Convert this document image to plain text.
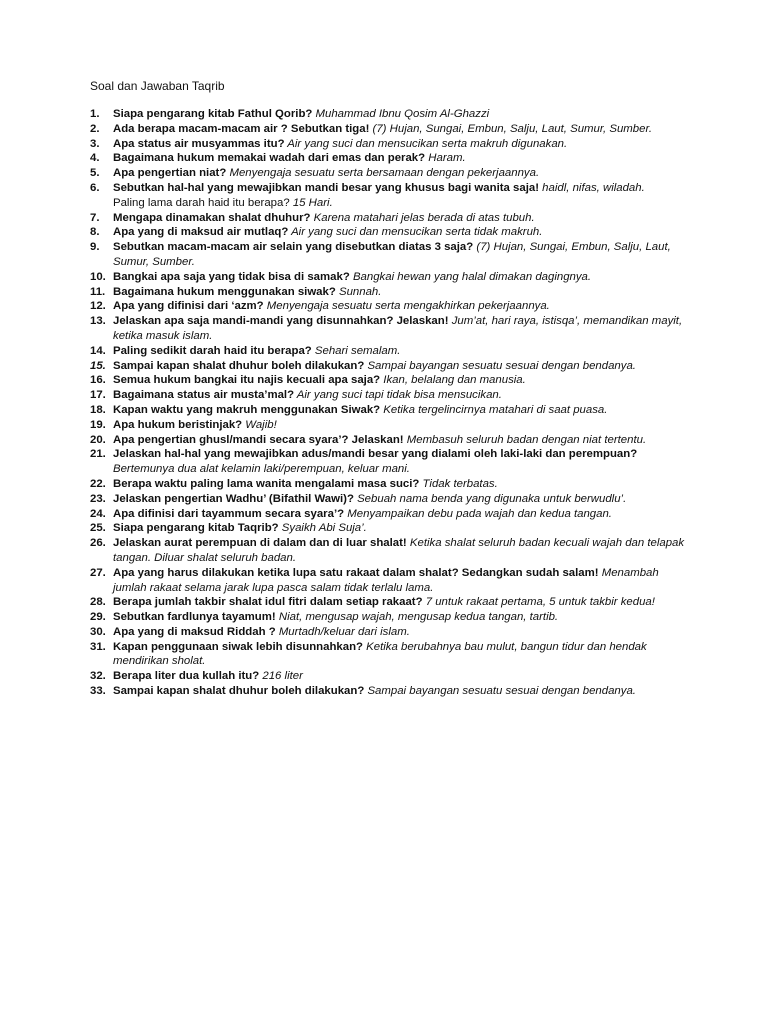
Soal dan Jawaban Taqrib
1. Siapa pengarang kitab Fathul Qorib? Muhammad Ibnu Qosim Al-Ghazzi
2. Ada berapa macam-macam air ? Sebutkan tiga! (7) Hujan, Sungai, Embun, Salju, Laut, Sumur, Sumber.
3. Apa status air musyammas itu? Air yang suci dan mensucikan serta makruh digunakan.
4. Bagaimana hukum memakai wadah dari emas dan perak? Haram.
5. Apa pengertian niat? Menyengaja sesuatu serta bersamaan dengan pekerjaannya.
6. Sebutkan hal-hal yang mewajibkan mandi besar yang khusus bagi wanita saja! haidl, nifas, wiladah.
Paling lama darah haid itu berapa? 15 Hari.
7. Mengapa dinamakan shalat dhuhur? Karena matahari jelas berada di atas tubuh.
8. Apa yang di maksud air mutlaq? Air yang suci dan mensucikan serta tidak makruh.
9. Sebutkan macam-macam air selain yang disebutkan diatas 3 saja? (7) Hujan, Sungai, Embun, Salju, Laut, Sumur, Sumber.
10. Bangkai apa saja yang tidak bisa di samak? Bangkai hewan yang halal dimakan dagingnya.
11. Bagaimana hukum menggunakan siwak? Sunnah.
12. Apa yang difinisi dari ‘azm? Menyengaja sesuatu serta mengakhirkan pekerjaannya.
13. Jelaskan apa saja mandi-mandi yang disunnahkan? Jelaskan! Jum’at, hari raya, istisqa’, memandikan mayit, ketika masuk islam.
14. Paling sedikit darah haid itu berapa? Sehari semalam.
15. Sampai kapan shalat dhuhur boleh dilakukan? Sampai bayangan sesuatu sesuai dengan bendanya.
16. Semua hukum bangkai itu najis kecuali apa saja? Ikan, belalang dan manusia.
17. Bagaimana status air musta’mal? Air yang suci tapi tidak bisa mensucikan.
18. Kapan waktu yang makruh menggunakan Siwak? Ketika tergelincirnya matahari di saat puasa.
19. Apa hukum beristinjak? Wajib!
20. Apa pengertian ghusl/mandi secara syara’? Jelaskan! Membasuh seluruh badan dengan niat tertentu.
21. Jelaskan hal-hal yang mewajibkan adus/mandi besar yang dialami oleh laki-laki dan perempuan? Bertemunya dua alat kelamin laki/perempuan, keluar mani.
22. Berapa waktu paling lama wanita mengalami masa suci? Tidak terbatas.
23. Jelaskan pengertian Wadhu’ (Bifathil Wawi)? Sebuah nama benda yang digunaka untuk berwudlu’.
24. Apa difinisi dari tayammum secara syara’? Menyampaikan debu pada wajah dan kedua tangan.
25. Siapa pengarang kitab Taqrib? Syaikh Abi Suja’.
26. Jelaskan aurat perempuan di dalam dan di luar shalat! Ketika shalat seluruh badan kecuali wajah dan telapak tangan. Diluar shalat seluruh badan.
27. Apa yang harus dilakukan ketika lupa satu rakaat dalam shalat? Sedangkan sudah salam! Menambah jumlah rakaat selama jarak lupa pasca salam tidak terlalu lama.
28. Berapa jumlah takbir shalat idul fitri dalam setiap rakaat? 7 untuk rakaat pertama, 5 untuk takbir kedua!
29. Sebutkan fardlunya tayamum! Niat, mengusap wajah, mengusap kedua tangan, tartib.
30. Apa yang di maksud Riddah ? Murtadh/keluar dari islam.
31. Kapan penggunaan siwak lebih disunnahkan? Ketika berubahnya bau mulut, bangun tidur dan hendak mendirikan sholat.
32. Berapa liter dua kullah itu? 216 liter
33. Sampai kapan shalat dhuhur boleh dilakukan? Sampai bayangan sesuatu sesuai dengan bendanya.
